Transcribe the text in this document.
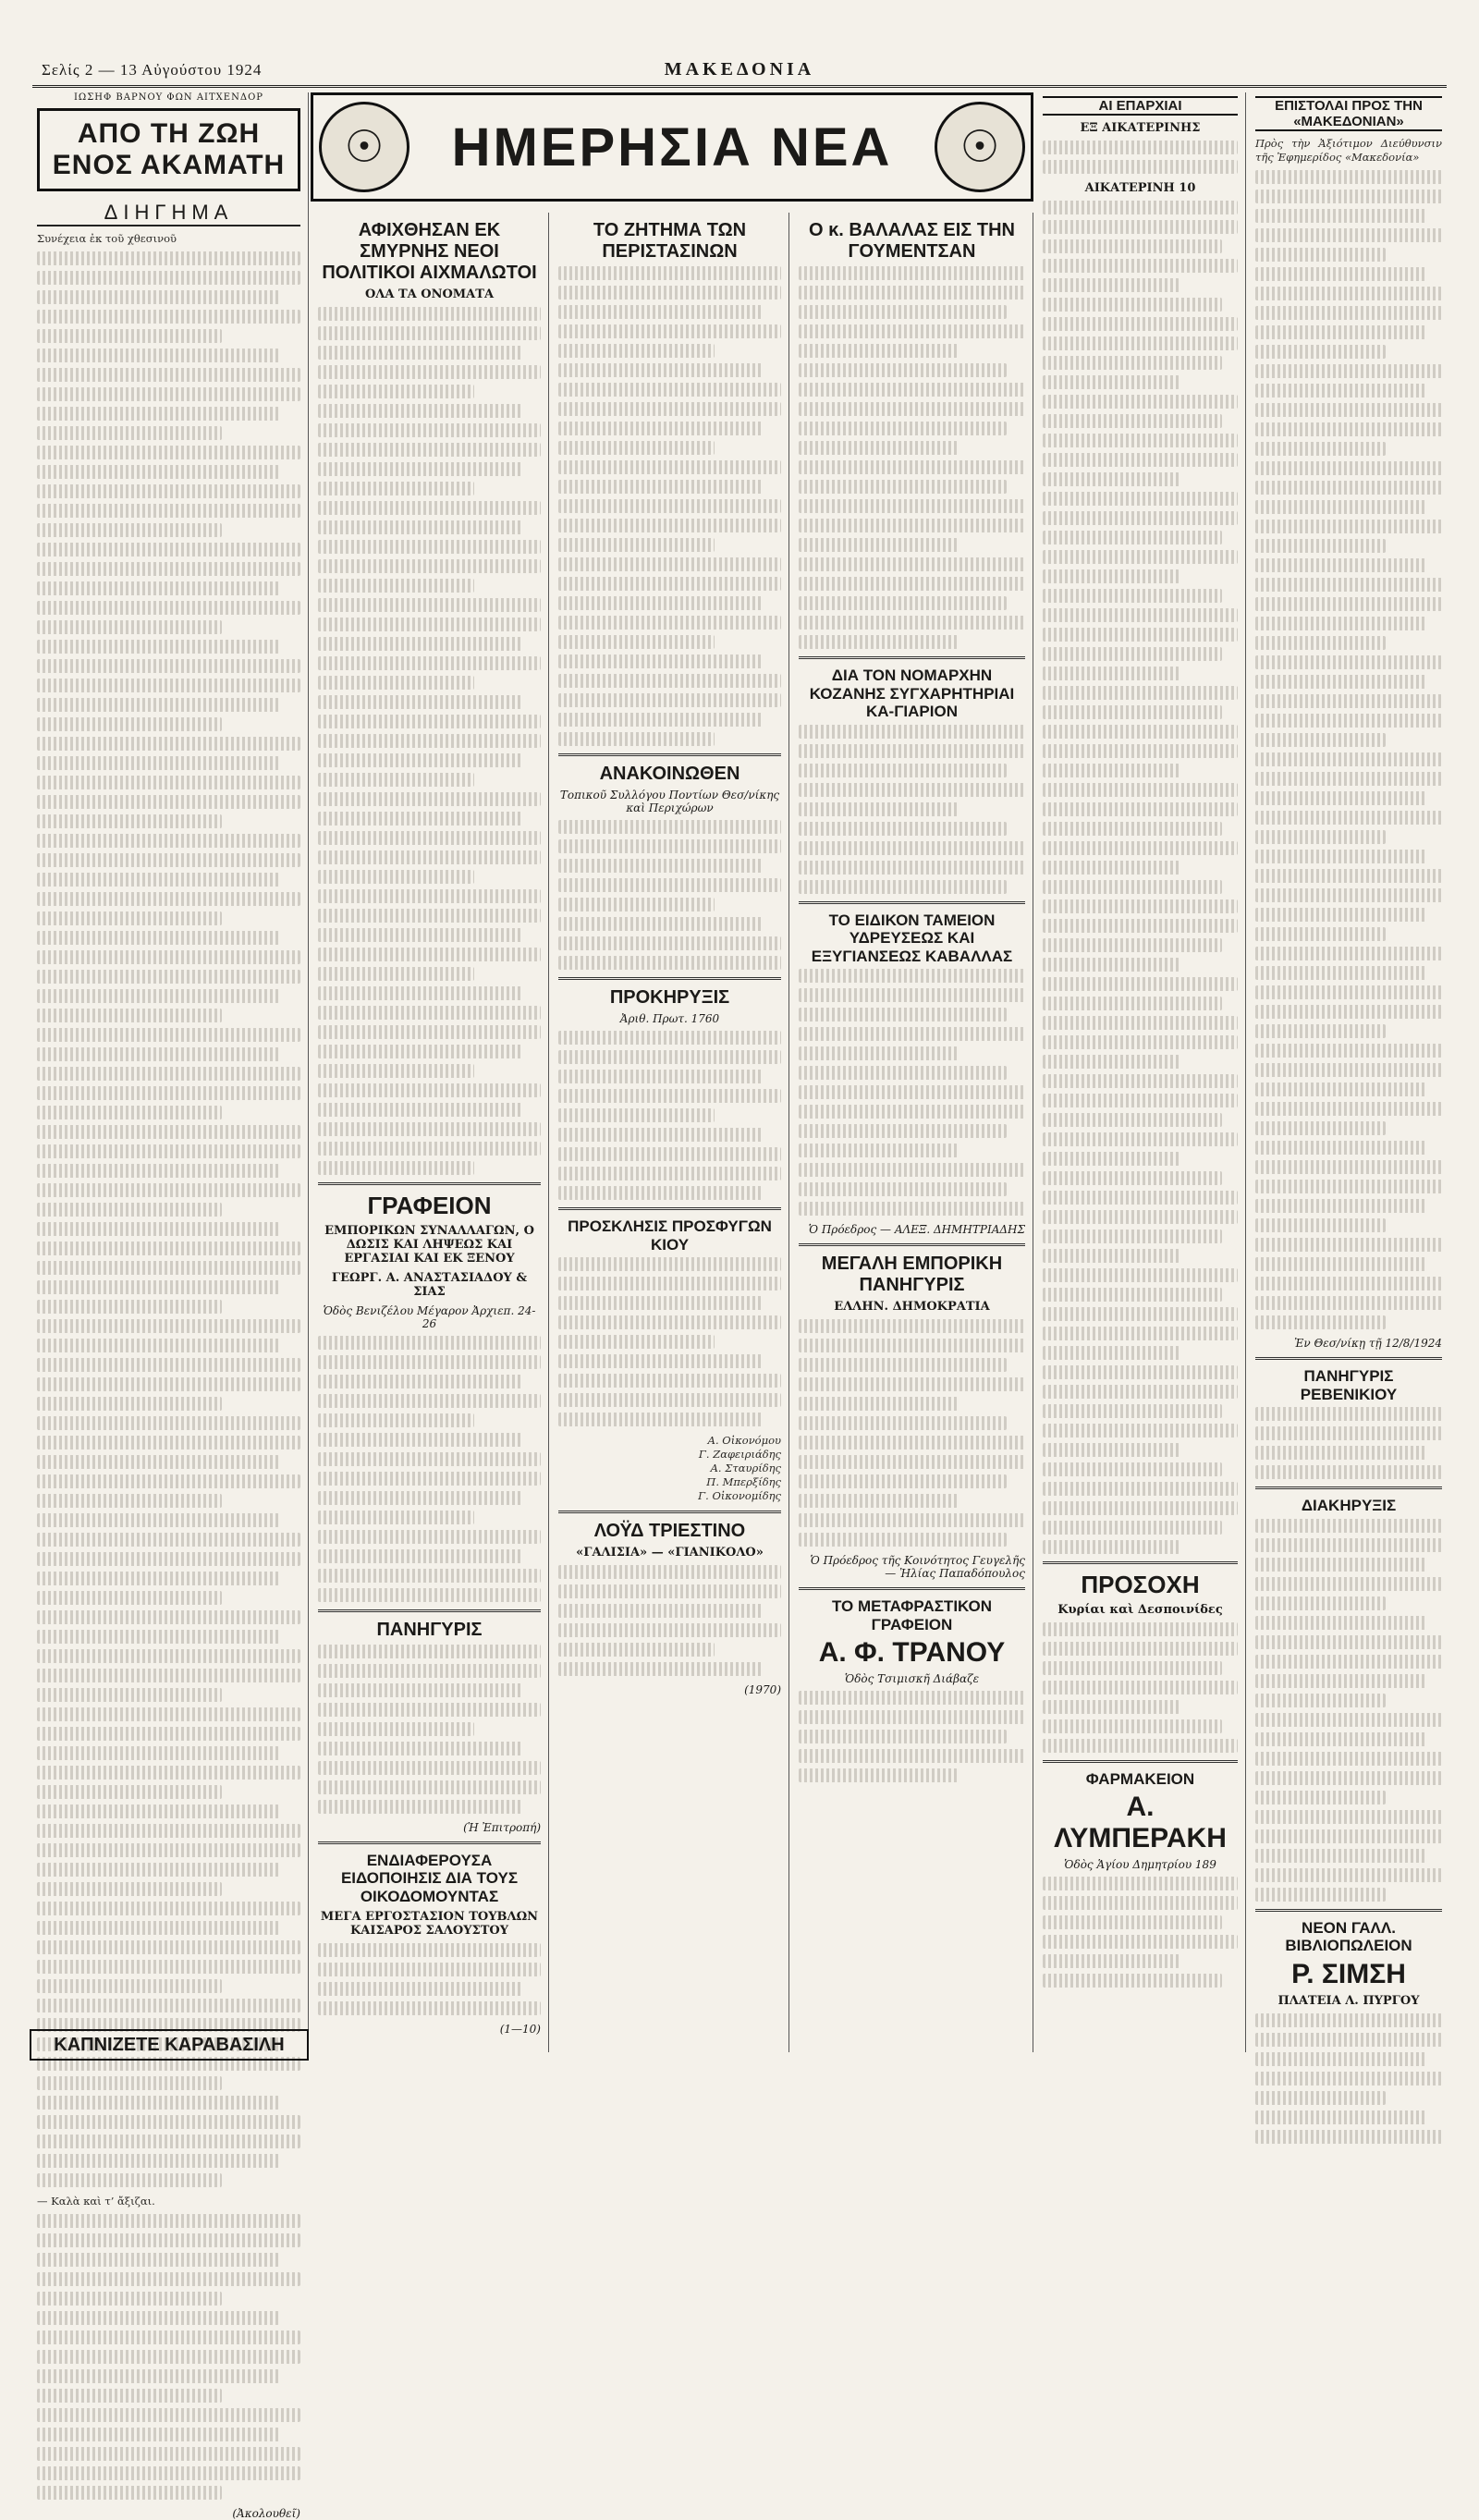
Σελίς 2 — 13 Αὐγούστου 1924	ΜΑΚΕΔΟΝΙΑ
ΙΩΣΗΦ ΒΑΡΝΟΥ ΦΩΝ ΑΙΤΧΕΝΔΟΡ
ΑΠΟ ΤΗ ΖΩΗ ΕΝΟΣ ΑΚΑΜΑΤΗ
ΔΙΗΓΗΜΑ
Συνέχεια ἐκ τοῦ χθεσινοῦ
— Καλὰ καὶ τ’ ἄξιζαι.
(Ἀκολουθεῖ)
ΚΑΠΝΙΖΕΤΕ ΚΑΡΑΒΑΣΙΛΗ
☉	ΗΜΕΡΗΣΙΑ ΝΕΑ	☉
ΑΦΙΧΘΗΣΑΝ ΕΚ ΣΜΥΡΝΗΣ ΝΕΟΙ ΠΟΛΙΤΙΚΟΙ ΑΙΧΜΑΛΩΤΟΙ
ΟΛΑ ΤΑ ΟΝΟΜΑΤΑ
ΓΡΑΦΕΙΟΝ
ΕΜΠΟΡΙΚΩΝ ΣΥΝΑΛΛΑΓΩΝ, Ο ΔΩΣΙΣ ΚΑΙ ΛΗΨΕΩΣ ΚΑΙ ΕΡΓΑΣΙΑΙ ΚΑΙ ΕΚ ΞΕΝΟΥ
ΓΕΩΡΓ. Α. ΑΝΑΣΤΑΣΙΑΔΟΥ & ΣΙΑΣ
Ὁδὸς Βενιζέλου Μέγαρον Ἀρχιεπ. 24-26
ΠΑΝΗΓΥΡΙΣ
(Ἡ Ἐπιτροπή)
ΕΝΔΙΑΦΕΡΟΥΣΑ ΕΙΔΟΠΟΙΗΣΙΣ ΔΙΑ ΤΟΥΣ ΟΙΚΟΔΟΜΟΥΝΤΑΣ
ΜΕΓΑ ΕΡΓΟΣΤΑΣΙΟΝ ΤΟΥΒΛΩΝ ΚΑΙΣΑΡΟΣ ΣΑΛΟΥΣΤΟΥ
(1—10)
ΤΟ ΖΗΤΗΜΑ ΤΩΝ ΠΕΡΙΣΤΑΣΙΝΩΝ
ΑΝΑΚΟΙΝΩΘΕΝ
Τοπικοῦ Συλλόγου Ποντίων Θεσ/νίκης καὶ Περιχώρων
ΠΡΟΚΗΡΥΞΙΣ
Ἀριθ. Πρωτ. 1760
ΠΡΟΣΚΛΗΣΙΣ ΠΡΟΣΦΥΓΩΝ ΚΙΟΥ
Α. Οἰκονόμου
Γ. Ζαφειριάδης
Α. Σταυρίδης
Π. Μπερξίδης
Γ. Οἰκονομίδης
ΛΟΫΔ ΤΡΙΕΣΤΙΝΟ
«ΓΑΛΙΣΙΑ» — «ΓΙΑΝΙΚΟΛΟ»
(1970)
Ο κ. ΒΑΛΑΛΑΣ ΕΙΣ ΤΗΝ ΓΟΥΜΕΝΤΣΑΝ
ΔΙΑ ΤΟΝ ΝΟΜΑΡΧΗΝ ΚΟΖΑΝΗΣ ΣΥΓΧΑΡΗΤΗΡΙΑΙ ΚΑ-ΓΙΑΡΙΟΝ
ΤΟ ΕΙΔΙΚΟΝ ΤΑΜΕΙΟΝ ΥΔΡΕΥΣΕΩΣ ΚΑΙ ΕΞΥΓΙΑΝΣΕΩΣ ΚΑΒΑΛΛΑΣ
Ὁ Πρόεδρος — ΑΛΕΞ. ΔΗΜΗΤΡΙΑΔΗΣ
ΜΕΓΑΛΗ ΕΜΠΟΡΙΚΗ ΠΑΝΗΓΥΡΙΣ
ΕΛΛΗΝ. ΔΗΜΟΚΡΑΤΙΑ
Ὁ Πρόεδρος τῆς Κοινότητος Γευγελῆς — Ἠλίας Παπαδόπουλος
ΤΟ ΜΕΤΑΦΡΑΣΤΙΚΟΝ ΓΡΑΦΕΙΟΝ
Α. Φ. ΤΡΑΝΟΥ
Ὁδὸς Τσιμισκῆ Διάβαζε
ΑΙ ΕΠΑΡΧΙΑΙ
ΕΞ ΑΙΚΑΤΕΡΙΝΗΣ
ΑΙΚΑΤΕΡΙΝΗ 10
ΠΡΟΣΟΧΗ
Κυρίαι καὶ Δεσποινίδες
ΦΑΡΜΑΚΕΙΟΝ
Α. ΛΥΜΠΕΡΑΚΗ
Ὁδὸς Ἁγίου Δημητρίου 189
ΕΠΙΣΤΟΛΑΙ ΠΡΟΣ ΤΗΝ «ΜΑΚΕΔΟΝΙΑΝ»
Πρὸς τὴν Ἀξιότιμον Διεύθυνσιν τῆς Ἐφημερίδος «Μακεδονία»
Ἐν Θεσ/νίκῃ τῇ 12/8/1924
ΠΑΝΗΓΥΡΙΣ ΡΕΒΕΝΙΚΙΟΥ
ΔΙΑΚΗΡΥΞΙΣ
ΝΕΟΝ ΓΑΛΛ. ΒΙΒΛΙΟΠΩΛΕΙΟΝ
Ρ. ΣΙΜΣΗ
ΠΛΑΤΕΙΑ Λ. ΠΥΡΓΟΥ
